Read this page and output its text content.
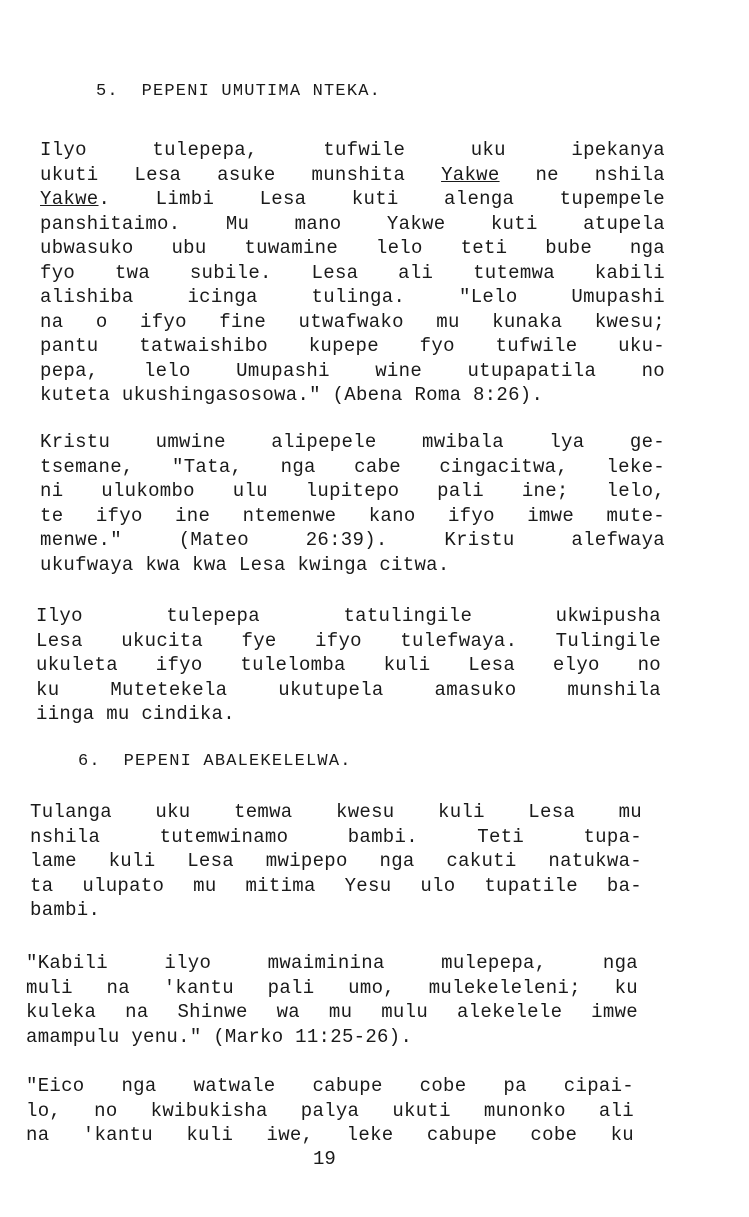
5.  PEPENI UMUTIMA NTEKA.
Ilyo tulepepa, tufwile uku ipekanya
ukuti Lesa asuke munshita Yakwe ne nshila
Yakwe. Limbi Lesa kuti alenga tupempele
panshitaimo. Mu mano Yakwe kuti atupela
ubwasuko ubu tuwamine lelo teti bube nga
fyo twa subile. Lesa ali tutemwa kabili
alishiba icinga tulinga. "Lelo Umupashi
na o ifyo fine utwafwako mu kunaka kwesu;
pantu tatwaishibo kupepe fyo tufwile uku-
pepa, lelo Umupashi wine utupapatila no
kuteta ukushingasosowa." (Abena Roma 8:26).
Kristu umwine alipepele mwibala lya ge-
tsemane, "Tata, nga cabe cingacitwa, leke-
ni ulukombo ulu lupitepo pali ine; lelo,
te ifyo ine ntemenwe kano ifyo imwe mute-
menwe." (Mateo 26:39). Kristu alefwaya
ukufwaya kwa kwa Lesa kwinga citwa.
Ilyo tulepepa tatulingile ukwipusha
Lesa ukucita fye ifyo tulefwaya. Tulingile
ukuleta ifyo tulelomba kuli Lesa elyo no
ku Mutetekela ukutupela amasuko munshila
iinga mu cindika.
6.  PEPENI ABALEKELELWA.
Tulanga uku temwa kwesu kuli Lesa mu
nshila tutemwinamo bambi. Teti tupa-
lame kuli Lesa mwipepo nga cakuti natukwa-
ta ulupato mu mitima Yesu ulo tupatile ba-
bambi.
"Kabili ilyo mwaiminina mulepepa, nga
muli na 'kantu pali umo, mulekeleleni; ku
kuleka na Shinwe wa mu mulu alekelele imwe
amampulu yenu." (Marko 11:25-26).
"Eico nga watwale cabupe cobe pa cipai-
lo, no kwibukisha palya ukuti munonko ali
na 'kantu kuli iwe, leke cabupe cobe ku
19
